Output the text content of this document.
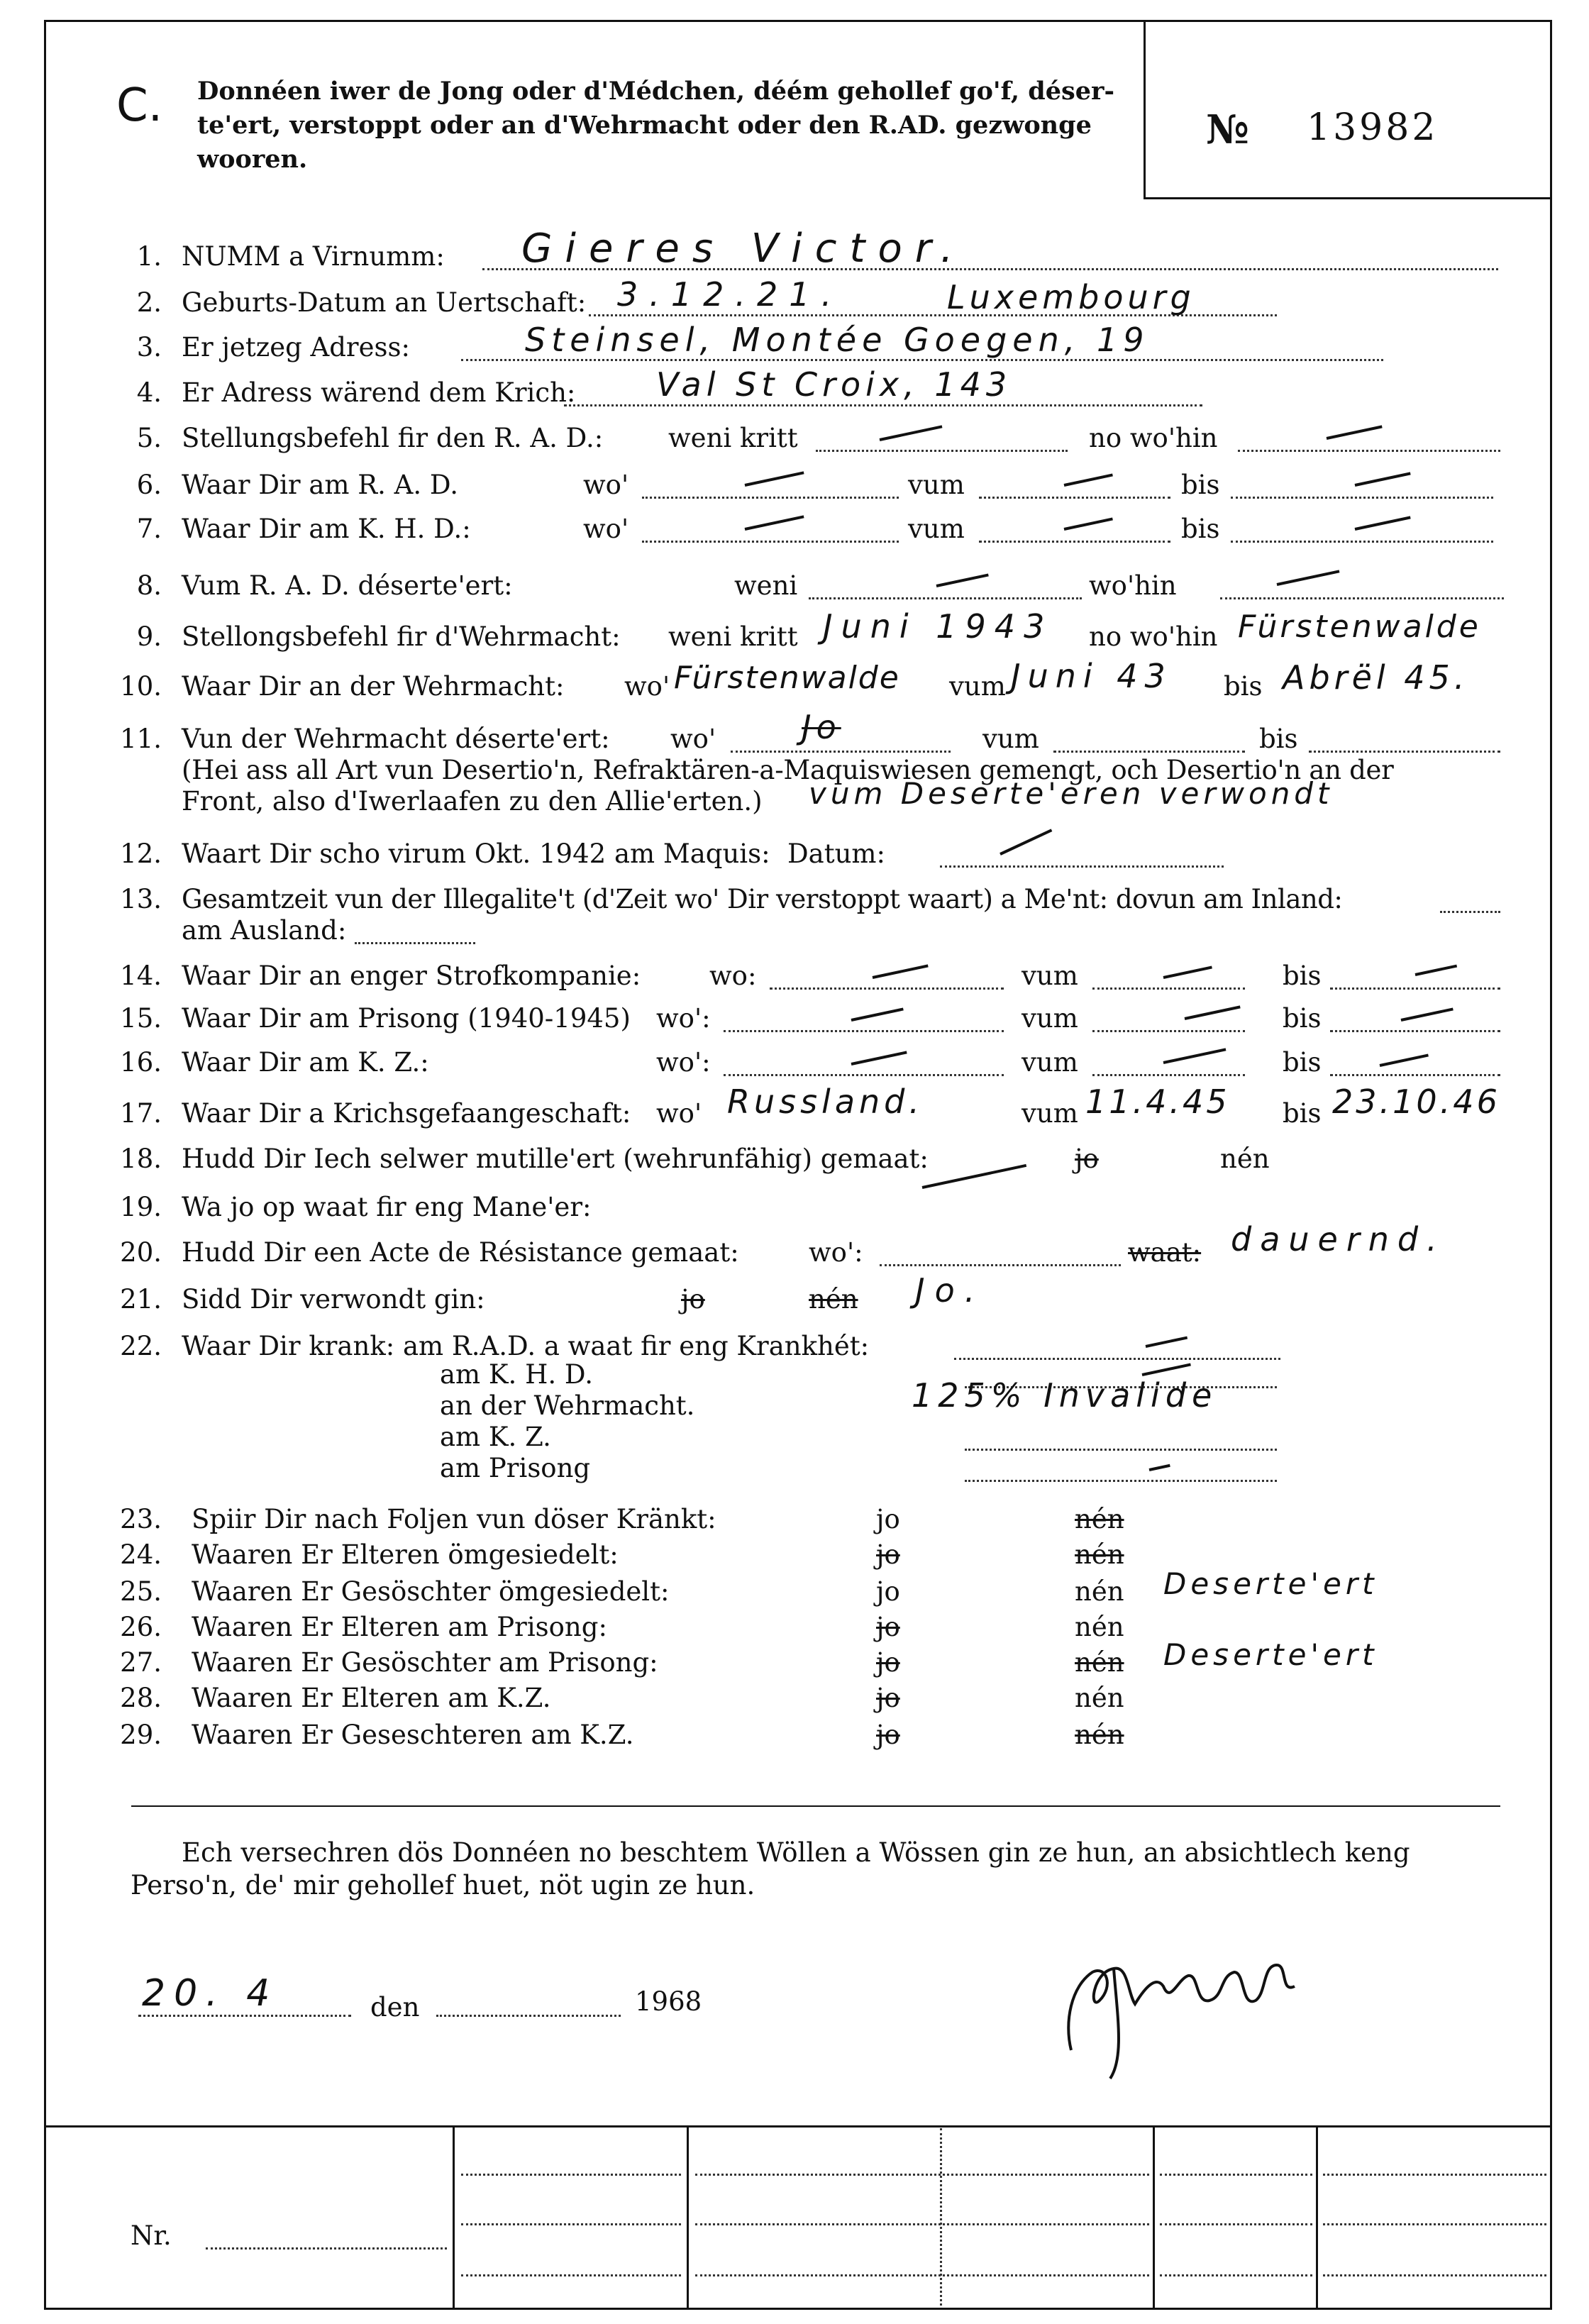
C. Donnéen iwer de Jong oder d'Médchen, déém gehollef go'f, déser-
te'ert, verstoppt oder an d'Wehrmacht oder den R.AD. gezwonge
wooren.
№ 13982
1. NUMM a Virnumm: Gieres Victor.
2. Geburts-Datum an Uertschaft: 3.12.21.	Luxembourg
3. Er jetzeg Adress:	Steinsel, Montée Goegen, 19
4. Er Adress wärend dem Krich: Val St Croix, 143
5. Stellungsbefehl fir den R. A. D.: weni kritt	no wo'hin
6. Waar Dir am R. A. D.	wo'	vum	bis
7. Waar Dir am K. H. D.:	wo'	vum	bis
8. Vum R. A. D. déserte'ert:	weni	wo'hin
9. Stellongsbefehl fir d'Wehrmacht: weni kritt Juni 1943 no wo'hin Fürstenwalde
10. Waar Dir an der Wehrmacht: wo' Fürstenwalde vum Juni 43 bis Abrël 45.
11. Vun der Wehrmacht déserte'ert: wo'	Jo	vum	bis
(Hei ass all Art vun Desertio'n, Refraktären-a-Maquiswiesen gemengt, och Desertio'n an der
Front, also d'Iwerlaafen zu den Allie'erten.) vum Deserte'eren verwondt
12. Waart Dir scho virum Okt. 1942 am Maquis: Datum:
13. Gesamtzeit vun der Illegalite't (d'Zeit wo' Dir verstoppt waart) a Me'nt: dovun am Inland:
am Ausland:
14. Waar Dir an enger Strofkompanie:	wo:	vum	bis
15. Waar Dir am Prisong (1940-1945) wo':	vum	bis
16. Waar Dir am K. Z.:	wo':	vum	bis
17. Waar Dir a Krichsgefaangeschaft: wo' Russland.	vum 11.4.45 bis 23.10.46
18. Hudd Dir Iech selwer mutille'ert (wehrunfähig) gemaat:	jo	nén
19. Wa jo op waat fir eng Mane'er:
20. Hudd Dir een Acte de Résistance gemaat:	wo':	waat: dauernd.
21. Sidd Dir verwondt gin:	jo	nén Jo.
22. Waar Dir krank: am R.A.D. a waat fir eng Krankhét:
am K. H. D.
an der Wehrmacht.	125% Invalide
am K. Z.
am Prisong
23. Spiir Dir nach Foljen vun döser Kränkt:	jo	nén
24. Waaren Er Elteren ömgesiedelt:	jo	nén
25. Waaren Er Gesöschter ömgesiedelt:	jo	nén Deserte'ert
26. Waaren Er Elteren am Prisong:	jo	nén
27. Waaren Er Gesöschter am Prisong:	jo	nén Deserte'ert
28. Waaren Er Elteren am K.Z.	jo	nén
29. Waaren Er Geseschteren am K.Z.	jo	nén
Ech versechren dös Donnéen no beschtem Wöllen a Wössen gin ze hun, an absichtlech keng
Perso'n, de' mir gehollef huet, nöt ugin ze hun.
20. 4	den	1968
Nr.
